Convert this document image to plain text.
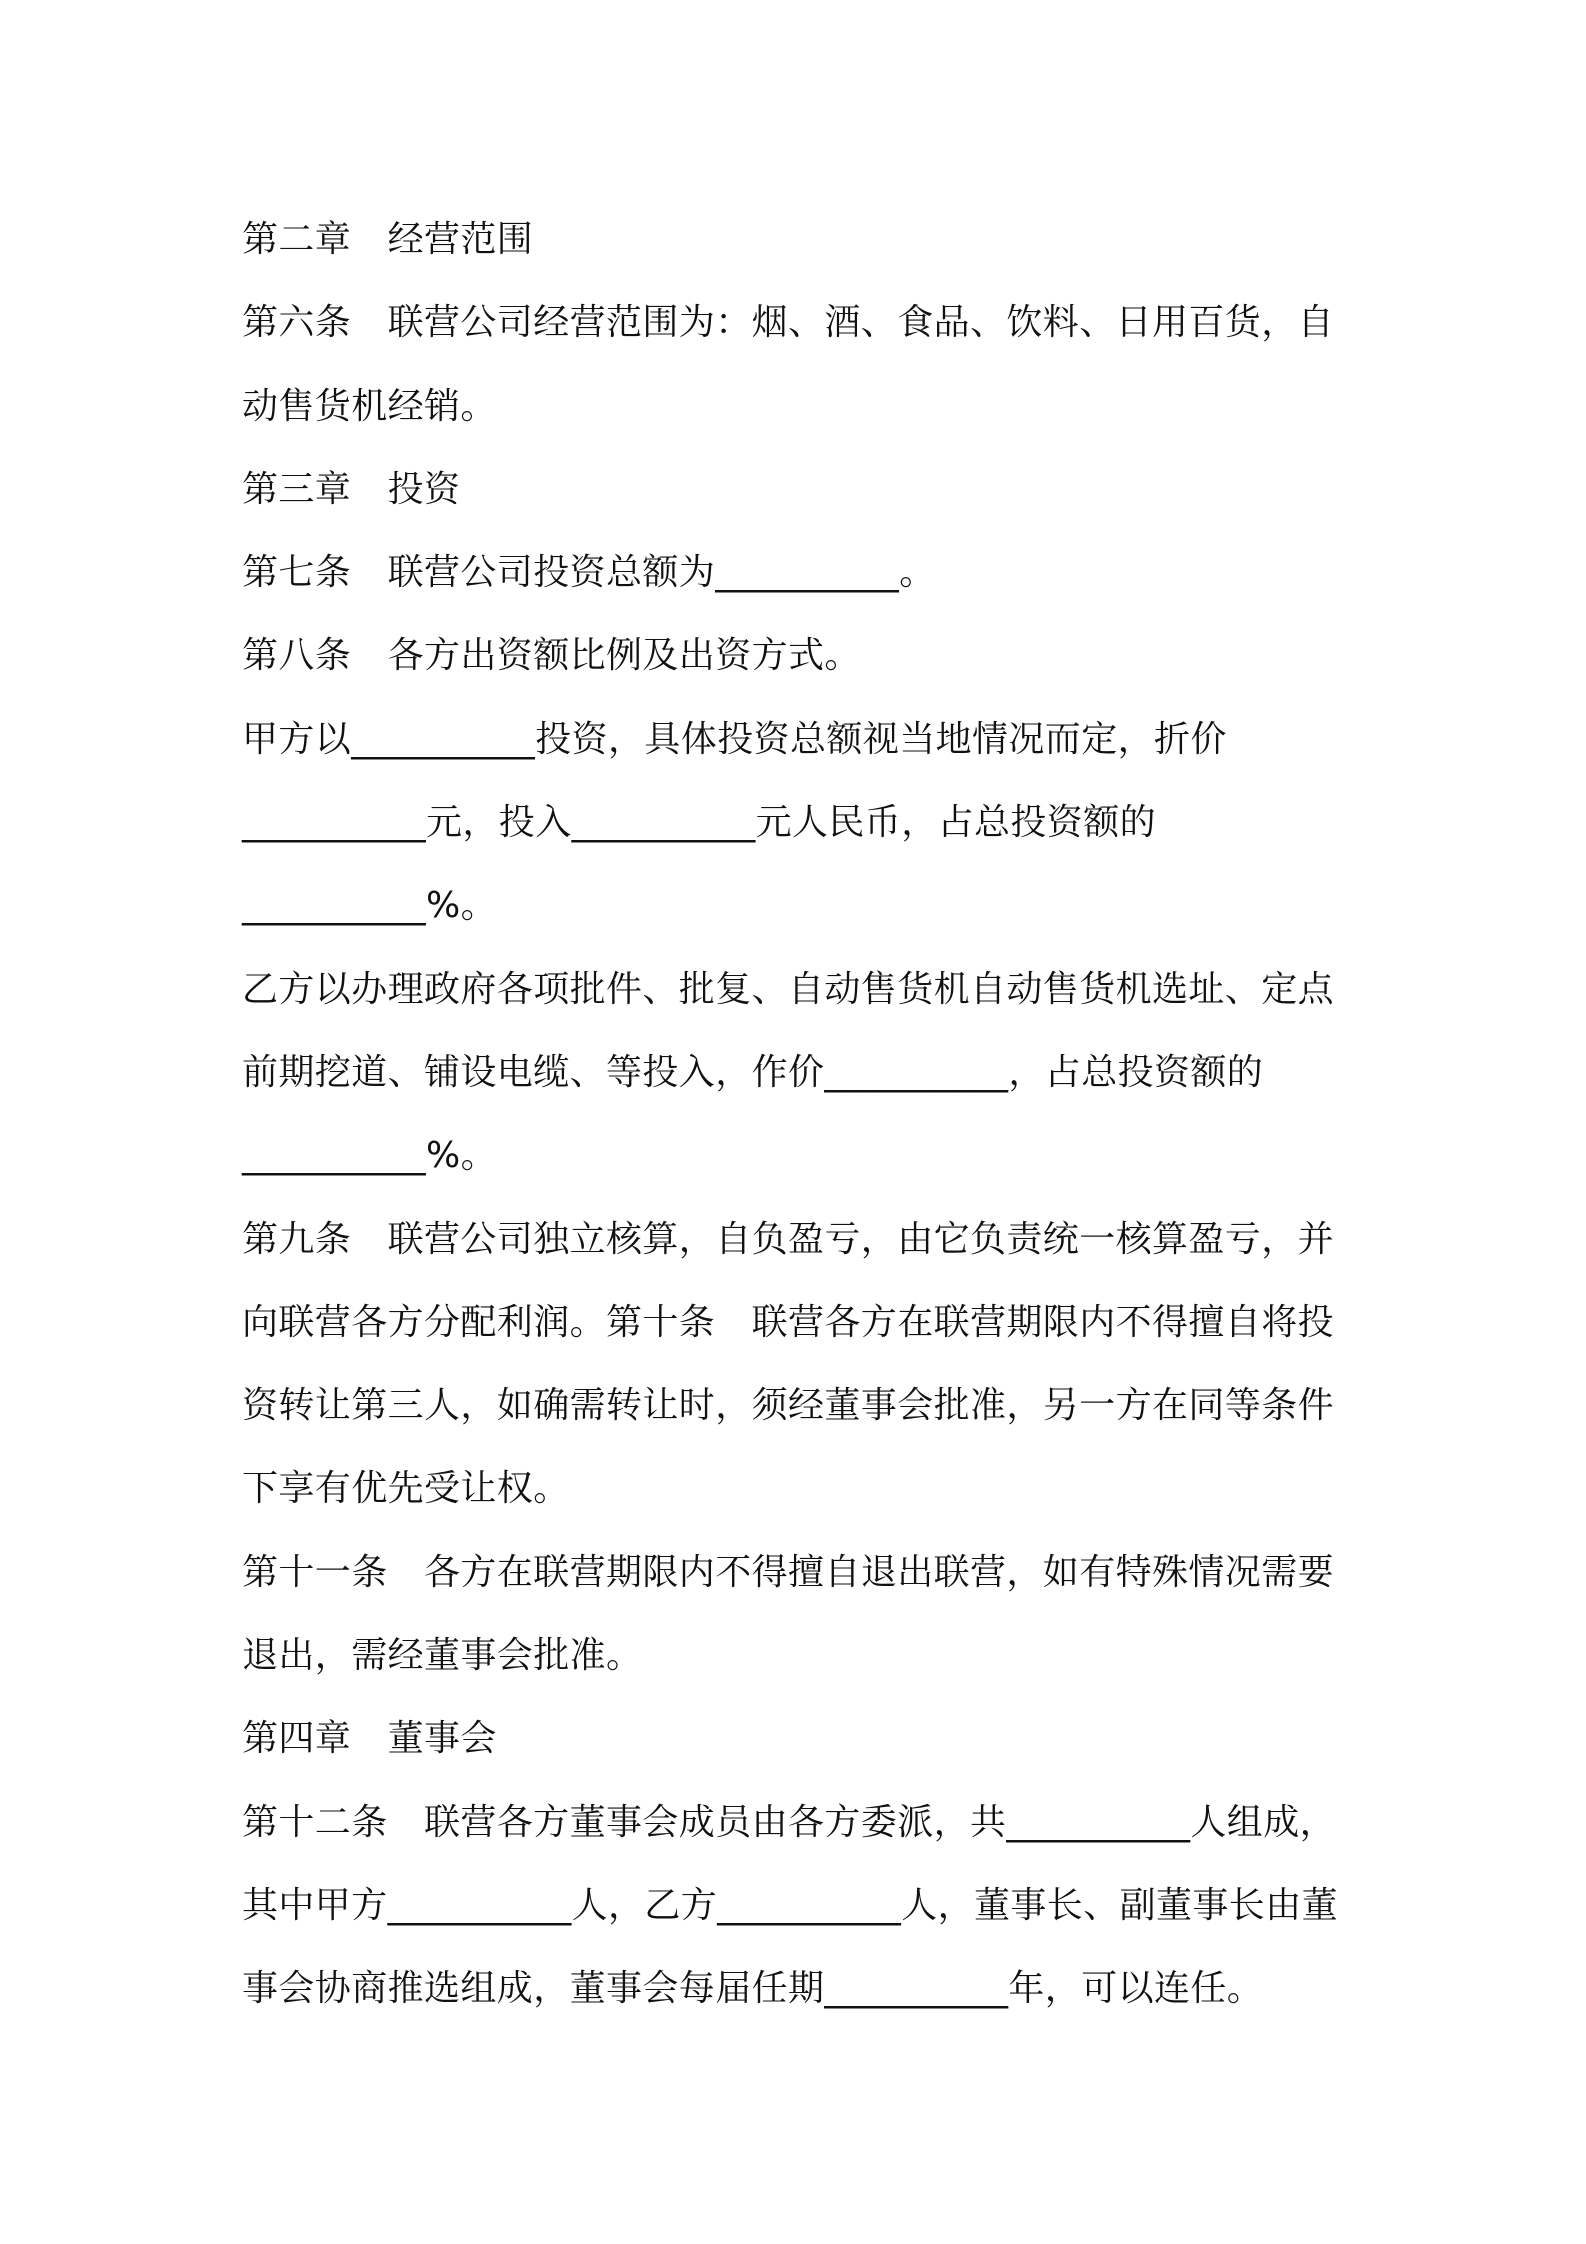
第二章　经营范围
第六条　联营公司经营范围为：烟、酒、食品、饮料、日用百货，自
动售货机经销。
第三章　投资
第七条　联营公司投资总额为__________。
第八条　各方出资额比例及出资方式。
甲方以__________投资，具体投资总额视当地情况而定，折价
__________元，投入__________元人民币，占总投资额的
__________%。
乙方以办理政府各项批件、批复、自动售货机自动售货机选址、定点
前期挖道、铺设电缆、等投入，作价__________，占总投资额的
__________%。
第九条　联营公司独立核算，自负盈亏，由它负责统一核算盈亏，并
向联营各方分配利润。第十条　联营各方在联营期限内不得擅自将投
资转让第三人，如确需转让时，须经董事会批准，另一方在同等条件
下享有优先受让权。
第十一条　各方在联营期限内不得擅自退出联营，如有特殊情况需要
退出，需经董事会批准。
第四章　董事会
第十二条　联营各方董事会成员由各方委派，共__________人组成，
其中甲方__________人，乙方__________人，董事长、副董事长由董
事会协商推选组成，董事会每届任期__________年，可以连任。
